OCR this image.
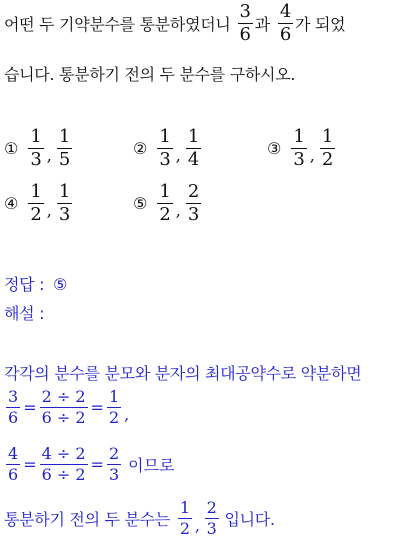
어떤 두 기약분수를 통분하였더니 $\frac{3}{6}$ 과 $\frac{4}{6}$ 가 되었
습니다. 통분하기 전의 두 분수를 구하시오.
① $\frac{1}{3}$ , $\frac{1}{5}$	② $\frac{1}{3}$ , $\frac{1}{4}$	③ $\frac{1}{3}$ , $\frac{1}{2}$
④ $\frac{1}{2}$ , $\frac{1}{3}$	⑤ $\frac{1}{2}$ , $\frac{2}{3}$
정답 : ⑤
해설 :
각각의 분수를 분모와 분자의 최대공약수로 약분하면
$\frac{3}{6} = \frac{2 \div 2}{6 \div 2} = \frac{1}{2}$ ,
$\frac{4}{6} = \frac{4 \div 2}{6 \div 2} = \frac{2}{3}$ 이므로
통분하기 전의 두 분수는 $\frac{1}{2}$ , $\frac{2}{3}$ 입니다.
